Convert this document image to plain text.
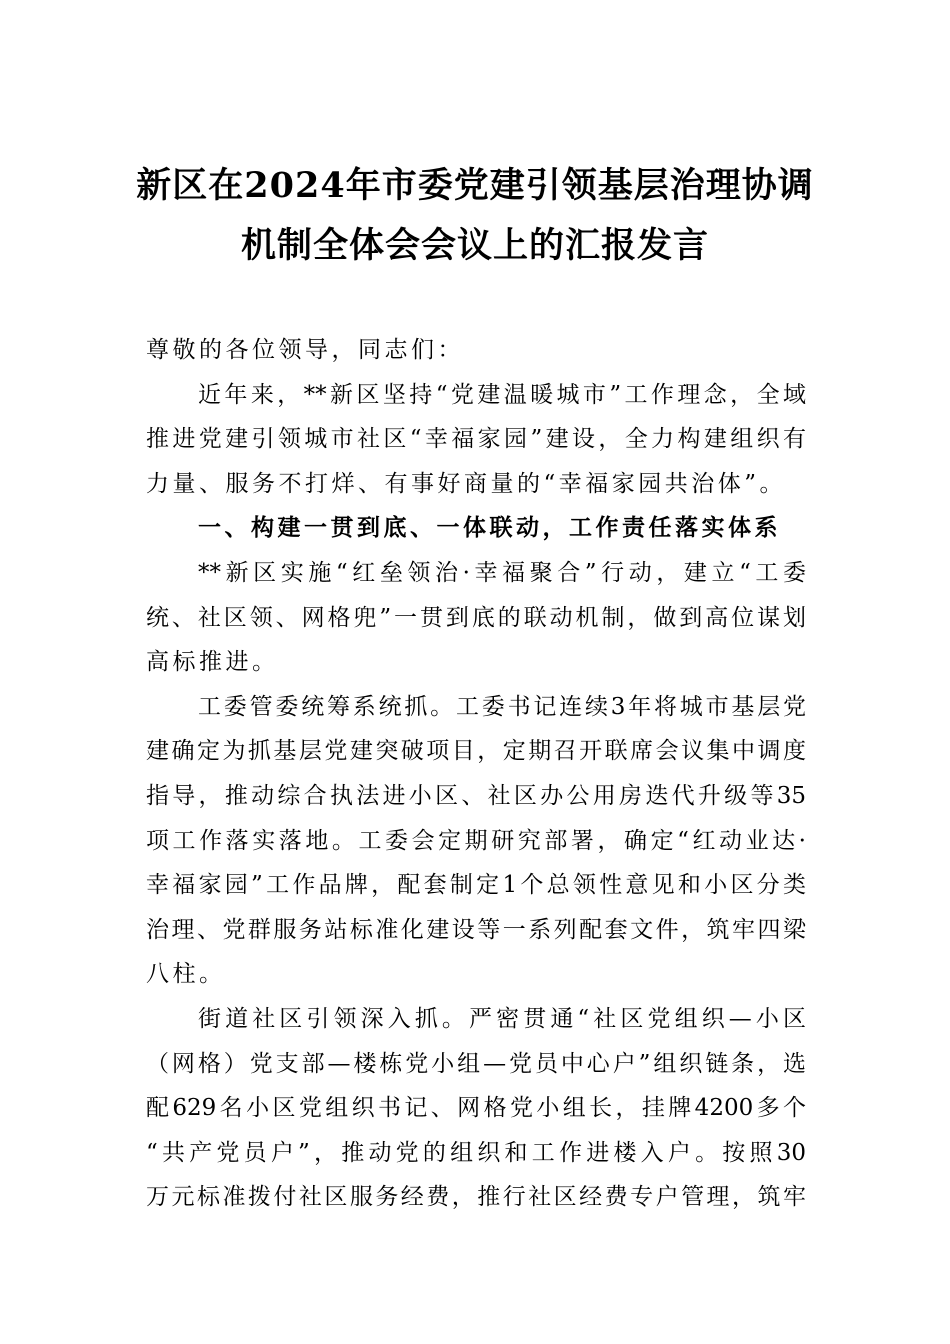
新区在2024年市委党建引领基层治理协调
机制全体会会议上的汇报发言
尊敬的各位领导，同志们：
近年来，**新区坚持“党建温暖城市”工作理念，全域
推进党建引领城市社区“幸福家园”建设，全力构建组织有
力量、服务不打烊、有事好商量的“幸福家园共治体”。
一、构建一贯到底、一体联动，工作责任落实体系
**新区实施“红垒领治·幸福聚合”行动，建立“工委
统、社区领、网格兜”一贯到底的联动机制，做到高位谋划
高标推进。
工委管委统筹系统抓。工委书记连续3年将城市基层党
建确定为抓基层党建突破项目，定期召开联席会议集中调度
指导，推动综合执法进小区、社区办公用房迭代升级等35
项工作落实落地。工委会定期研究部署，确定“红动业达·
幸福家园”工作品牌，配套制定1个总领性意见和小区分类
治理、党群服务站标准化建设等一系列配套文件，筑牢四梁
八柱。
街道社区引领深入抓。严密贯通“社区党组织—小区
（网格）党支部—楼栋党小组—党员中心户”组织链条，选
配629名小区党组织书记、网格党小组长，挂牌4200多个
“共产党员户”，推动党的组织和工作进楼入户。按照30
万元标准拨付社区服务经费，推行社区经费专户管理，筑牢
